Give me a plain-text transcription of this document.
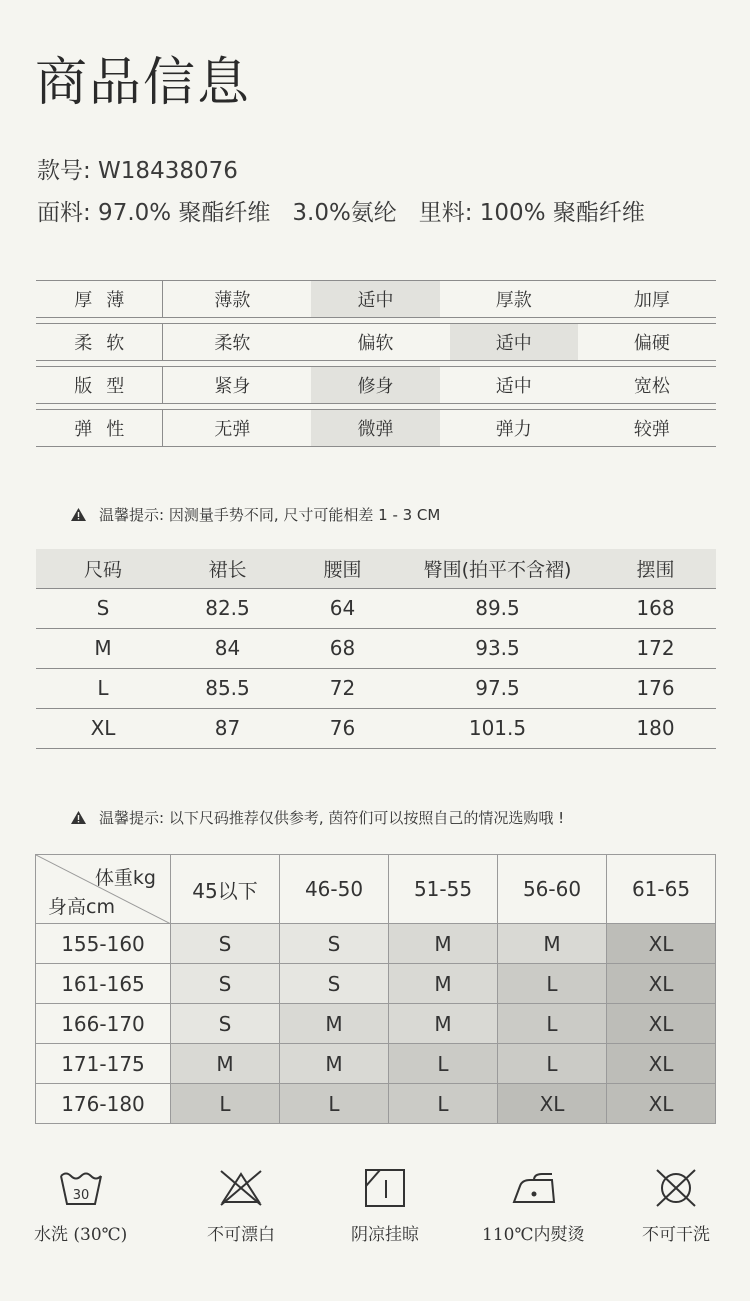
商品信息
款号: W18438076
面料: 97.0% 聚酯纤维   3.0%氨纶   里料: 100% 聚酯纤维
厚薄	薄款	适中	厚款	加厚
柔软	柔软	偏软	适中	偏硬
版型	紧身	修身	适中	宽松
弹性	无弹	微弹	弹力	较弹
温馨提示: 因测量手势不同, 尺寸可能相差 1 - 3 CM
尺码	裙长	腰围	臀围(拍平不含褶)	摆围
S	82.5	64	89.5	168
M	84	68	93.5	172
L	85.5	72	97.5	176
XL	87	76	101.5	180
温馨提示: 以下尺码推荐仅供参考, 茵符们可以按照自己的情况选购哦 !
体重kg
身高cm	45以下	46-50	51-55	56-60	61-65
155-160	S	S	M	M	XL
161-165	S	S	M	L	XL
166-170	S	M	M	L	XL
171-175	M	M	L	L	XL
176-180	L	L	L	XL	XL
30
水洗 (30℃)	不可漂白	阴凉挂晾	110℃内熨烫	不可干洗
